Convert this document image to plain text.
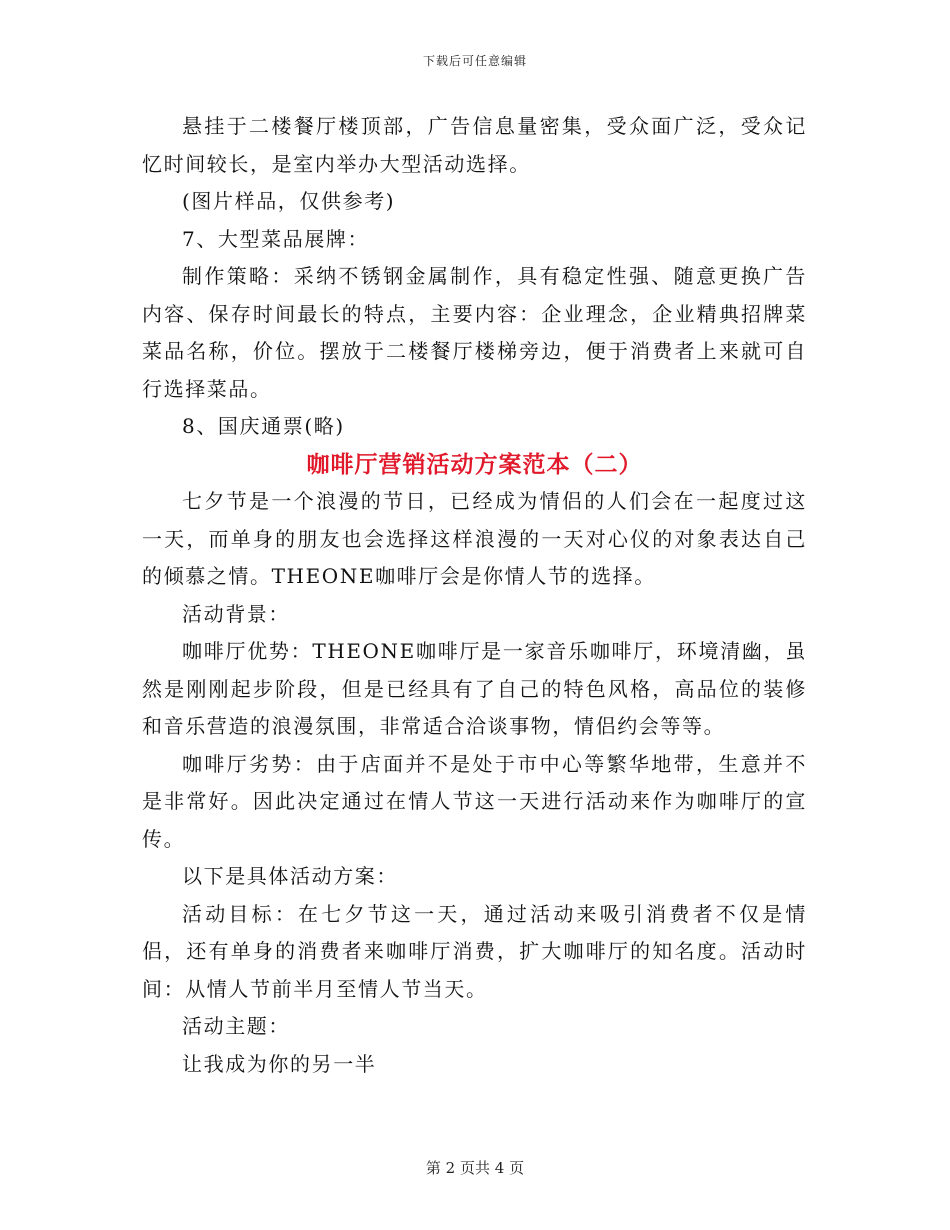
下载后可任意编辑

悬挂于二楼餐厅楼顶部，广告信息量密集，受众面广泛，受众记忆时间较长，是室内举办大型活动选择。

(图片样品，仅供参考)

7、大型菜品展牌：

制作策略：采纳不锈钢金属制作，具有稳定性强、随意更换广告内容、保存时间最长的特点，主要内容：企业理念，企业精典招牌菜菜品名称，价位。摆放于二楼餐厅楼梯旁边，便于消费者上来就可自行选择菜品。

8、国庆通票(略)

咖啡厅营销活动方案范本（二）

七夕节是一个浪漫的节日，已经成为情侣的人们会在一起度过这一天，而单身的朋友也会选择这样浪漫的一天对心仪的对象表达自己的倾慕之情。THEONE咖啡厅会是你情人节的选择。

活动背景：

咖啡厅优势：THEONE咖啡厅是一家音乐咖啡厅，环境清幽，虽然是刚刚起步阶段，但是已经具有了自己的特色风格，高品位的装修和音乐营造的浪漫氛围，非常适合洽谈事物，情侣约会等等。

咖啡厅劣势：由于店面并不是处于市中心等繁华地带，生意并不是非常好。因此决定通过在情人节这一天进行活动来作为咖啡厅的宣传。

以下是具体活动方案：

活动目标：在七夕节这一天，通过活动来吸引消费者不仅是情侣，还有单身的消费者来咖啡厅消费，扩大咖啡厅的知名度。活动时间：从情人节前半月至情人节当天。

活动主题：

让我成为你的另一半

第 2 页共 4 页
